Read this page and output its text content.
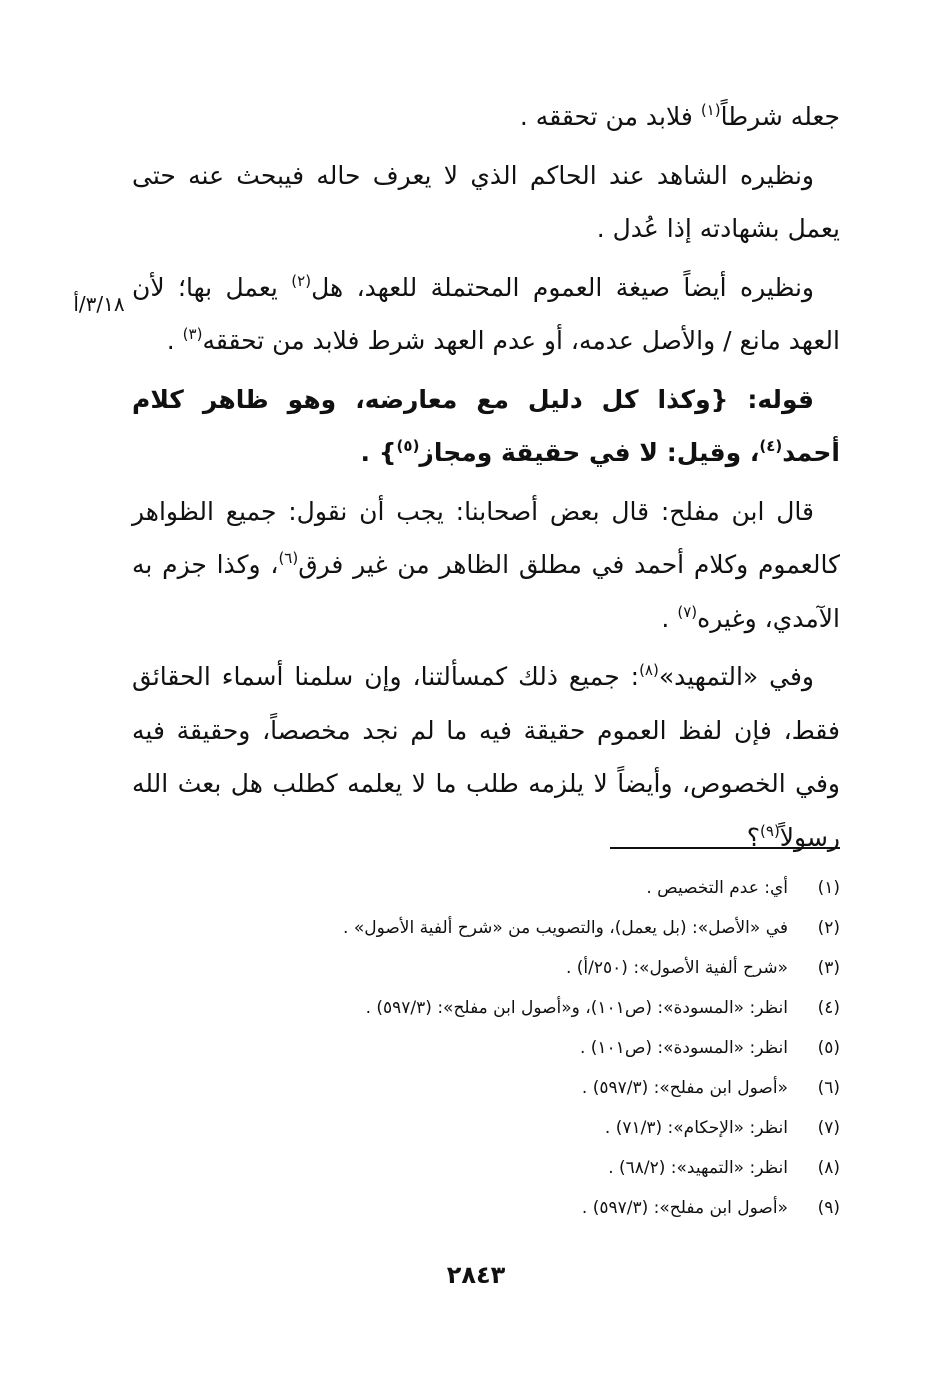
جعله شرطاً$^{(١)}$ فلابد من تحققه .

ونظيره الشاهد عند الحاكم الذي لا يعرف حاله فيبحث عنه حتى يعمل بشهادته إذا عُدل .

ونظيره أيضاً صيغة العموم المحتملة للعهد، هل$^{(٢)}$ يعمل بها؛ لأن العهد مانع / والأصل عدمه، أو عدم العهد شرط فلابد من تحققه$^{(٣)}$ .

قوله: {وكذا كل دليل مع معارضه، وهو ظاهر كلام أحمد$^{(٤)}$، وقيل: لا في حقيقة ومجاز$^{(٥)}$} .

قال ابن مفلح: قال بعض أصحابنا: يجب أن نقول: جميع الظواهر كالعموم وكلام أحمد في مطلق الظاهر من غير فرق$^{(٦)}$، وكذا جزم به الآمدي، وغيره$^{(٧)}$ .

وفي «التمهيد»$^{(٨)}$: جميع ذلك كمسألتنا، وإن سلمنا أسماء الحقائق فقط، فإن لفظ العموم حقيقة فيه ما لم نجد مخصصاً، وحقيقة فيه وفي الخصوص، وأيضاً لا يلزمه طلب ما لا يعلمه كطلب هل بعث الله رسولاً$^{(٩)}$؟

٣/١٨/أ
(١)أي: عدم التخصيص .
(٢)في «الأصل»: (بل يعمل)، والتصويب من «شرح ألفية الأصول» .
(٣)«شرح ألفية الأصول»: (٢٥٠/أ) .
(٤)انظر: «المسودة»: (ص١٠١)، و«أصول ابن مفلح»: (٥٩٧/٣) .
(٥)انظر: «المسودة»: (ص١٠١) .
(٦)«أصول ابن مفلح»: (٥٩٧/٣) .
(٧)انظر: «الإحكام»: (٧١/٣) .
(٨)انظر: «التمهيد»: (٦٨/٢) .
(٩)«أصول ابن مفلح»: (٥٩٧/٣) .
٢٨٤٣
